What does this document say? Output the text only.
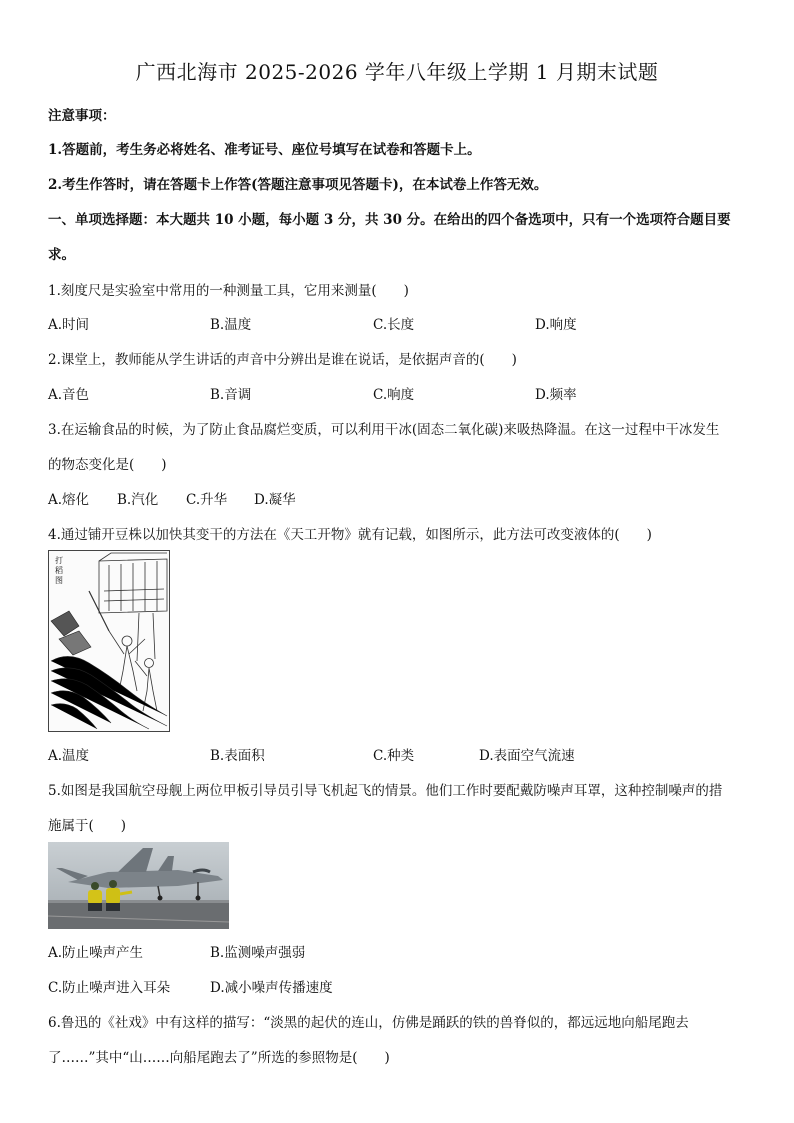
广西北海市 2025-2026 学年八年级上学期 1 月期末试题
注意事项：
1.答题前，考生务必将姓名、准考证号、座位号填写在试卷和答题卡上。
2.考生作答时，请在答题卡上作答(答题注意事项见答题卡)，在本试卷上作答无效。
一、单项选择题：本大题共 10 小题，每小题 3 分，共 30 分。在给出的四个备选项中，只有一个选项符合题目要
求。
1.刻度尺是实验室中常用的一种测量工具，它用来测量(　　)
A.时间	B.温度	C.长度	D.响度
2.课堂上，教师能从学生讲话的声音中分辨出是谁在说话，是依据声音的(　　)
A.音色	B.音调	C.响度	D.频率
3.在运输食品的时候，为了防止食品腐烂变质，可以利用干冰(固态二氧化碳)来吸热降温。在这一过程中干冰发生
的物态变化是(　　)
A.熔化 B.汽化 C.升华 D.凝华
4.通过铺开豆株以加快其变干的方法在《天工开物》就有记载，如图所示，此方法可改变液体的(　　)
打
稻
图
A.温度	B.表面积	C.种类	D.表面空气流速
5.如图是我国航空母舰上两位甲板引导员引导飞机起飞的情景。他们工作时要配戴防噪声耳罩，这种控制噪声的措
施属于(　　)
A.防止噪声产生	B.监测噪声强弱
C.防止噪声进入耳朵	D.减小噪声传播速度
6.鲁迅的《社戏》中有这样的描写：“淡黑的起伏的连山，仿佛是踊跃的铁的兽脊似的，都远远地向船尾跑去
了……”其中“山……向船尾跑去了”所选的参照物是(　　)
